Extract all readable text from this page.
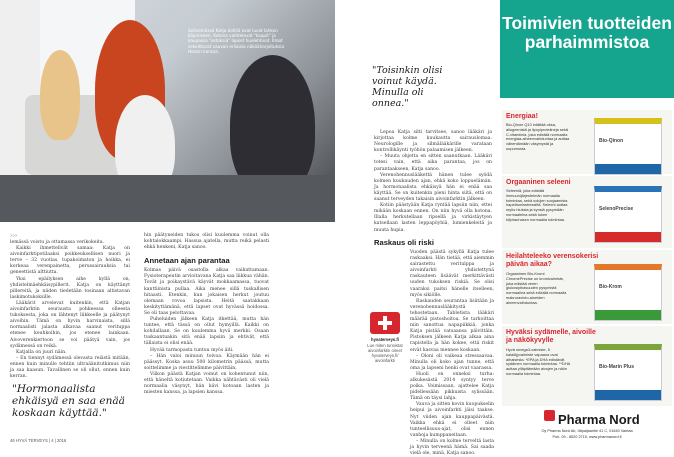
Seitsemässä Katja-äidillä ovat luvat lahkon käymiseen. Kotona vaihtelevat "kaapit" ja kaupassa "ostoksia" lapset huolehtivat. Ilmot sekoittavat vauvan erilaisia näköäharjoituksia Hessin kanssa.

>>>

lemässä voistu ja ottamassa verikokeita.

Kaikki ihmettelivät samaa: Katja on aivoinfarktipotilaaksi poikkeuksellisen nuori ja terve – 32 vuotias, tupakoimaton ja hoikka, ei korkeaa verenpainetta, perussairauksia tai geneettistä alttiutta.

Yksi epäilyksen aihe kyllä on, yhdistelmäehkäisypillerit. Katja on käyttänyt pillereitä, ja niiden tiedetään tosinaan altistavan laskimotukoksille.

Lääkärit arvelevat kuitenkin, että Katjan aivoinfarktin seurausta pohkeessa olleesta tukoksesta, joka on lähtenyt liikkeelle ja päätynyt aivoihin. Tämä on hyvin harvinaista, sillä normaalisti jalasta alkavaa saanut verituppa etenee keuhkoihin, jos etenee lainkaan. Aivoverenkiertoon se voi päätyä vain, jos sydämessä on reikä.

Katjalla on juuri näin.

– En tiennyt sydämessä olevasta reiästä mitään, ennen kuin minulle tehtiin ultraäänitutkimus niin ja saa kaasun. Tavallinen se oli ollut, ennen kuin kerran.

"Hormonaalista ehkäisyä en saa enää koskaan käyttää."

hin päätyneiden tukos olisi kuulemma voinut olla kohtalokkaampi. Hassua ajatella, mutta reikä pelasti ehkä henkeni, Katja sanoo.

Annetaan ajan parantaa

Kolmas päivä osastolla alkaa vaikuttamaan. Fysioterapeutin arvioitavana Katja saa liikkua vähän. Tovät ja poikaystävä käyvät mokkaamassa, tuovat kanttiinista pullaa. Aika menee sillä tuskallisen hitaasti. Etenkin, kun jokaisen herkut joutuu olemaan rovoa lapsista. Heitä saatakkaan keskityttämänä, että lapset ovat hyvässä hoidossa. Se oli taas pelottavaa.

Puheluiden jälkeen Katja itkettää, mutta hän tuntee, että tässä on ollut hymyillä. Kaikki on kohdallaan. Se on kuulemma hyvä merkki. Osaan tuskaantuakin sitä enää lapsiin ja ehtivät, että tällaista ei olisi enää.

Hyvää tarmopasta tuntuu myös äiti.

– Hän valoi minuun toivoa. Käymään hän ei päässyt. Koska asuu 500 kilometrin päässä, mutta soittelimme ja viestittelimme päivittäin.

Viikon päästä Katjan voinut on kohentunut niin, että häneltä kotiutetaan. Vaikka nähtävästi oli vielä normaalia väsynyt, hän kävi kotoaan lasten ja miesten kanssa, ja lapsien kanssa.

46 HYVÄ TERVEYS | 4 | 2016

"Toisinkin olisi voinut käydä. Minulla oli onnea."

Lepoa Katja silti tarvitsee, sanoo lääkäri ja kirjottaa kolme kuukautta sairauslomaa. Neurologille ja silmälääkärille varataan kontrollikäynti työhön palaamisen jälkeen.

– Muuta ohjetta en sitten saanutkaan. Lääkäri totesi vain, että aika parantaa, jos on parantaakseen, Katja sanoo.

Verenohennuslääkettä hänen tulee syödä kolmen kuukauden ajan, ehkä koko loppuelämän. Ja hormonaalista ehkäisyä hän ei enää saa käyttää. Se on kuitenkin pieni hinta siitä, että on saanut terveyden takaisin aivoinfarktin jälkeen.

Kotiin päästyään Katja ryntää lapsiin niin, ettei mikään koskaan ennen. On niin hyvä olla kotona. Illalla herkutellaan ripsellä ja virkistäytyen katsellaan lasten leppapöyhiä, lumienkeleitä ja muuta hupia.

Raskaus oli riski

Vuoden päästä sykyllä Katja tulee raskaaksi. Hän tietää, että aiemmin sairastettu veritulppa ja aivoinfarkti yhdistettynä raskauteen lisäävät merkittävästi uuden tukoksen riskiä. Se olisi vaaraksi paitsi hänelle itselleen, myös sikiölle.

Raskauden seurantaa lisätään ja verenohennuslääkitystä tehostetaan. Tabletista lääkäri määrää pistoshoitoa. Se tarkoittaa niin sanottua napapiikkiä, jonka Katja pistää vatsaansa päivittäin. Pistoksen jälkeen Katja alkaa aina rapistella ja hän kokee, että riskit eivät kasvaa mennee koskaan.

– Oloni oli vaikeaa stressaavaa. Minulla oli koko ajan tunne, että oma ja lapseni henki ovat vaarassa.

Huoli on onneksi turha: alkukesästä 2014 syntyy terve poika. Voimissaan, ajattelee Katja pidellessään pikkuista sylissään. Tämä on täysi lahja.

Vauva ja sitten kovin kuopukselin heipui ja aivoinfarkti jäisi taakse. Nyt viiden ajan kauppapäivästä. Vaikka ehkä ei olleet niin tunteellisuus-ajat, olisi ennen vanhoja kumppaneitaan.

– Minulla on kolme terveltä lasta ja hyvin terveenä hämä. Sai saada vielä ole, minä, Katja sanoo.

hyvaterveys.fi
Lue miten tunnistat aivoinfarktin oireet hyvaterveys.fi/ aivoinfarkti
Toimivien tuotteiden parhaimmistoa
Energiaa!
Bio-Qinon Q10 intättää oksa, allogeenistä ja lipoylproteiineja sekä C-vitamiinia, joka edistää normaalia energiaa-aineenvaihduntaa ja auttaa vähentämään väsymystä ja uupumusta.
Bio-Qinon
Orgaaninen seleeni
Seleeniä, joka edistää immuunijärjestelmän normaalia toimintaa, sekä solujen suojaamista hapettumisstressiltä. Seleeni auttaa myös hiuksia ja kynsiä pysymään normaaleina sekä tukee kilpirauhasen normaalia toimintaa.
SelenoPrecise
Heilahteleeko verensokerisi päivän aikaa?
Orgaaninen Bio-Kromi ChromePrecise on kromivalmiste, joka edistää veren glukosipitoisuuden pysymistä normaalina sekä edistää normaalia makroravinto-aineiden aineenvaihduntaa.
Bio-Krom
Hyväksi sydämelle, aivoille ja näkökyvylle
Hyvä omega3-valmiste, 5 kalaöljyvalmiste vapaana ovat alhaisesta. *EPA ja DHA edistävät sydämen normaalia toimintaa. **DHA auttaa ylläpitämään aivojen ja näön normaalia toimintaa.
Bio-Marin Plus
Pharma Nord
Oy Pharma Nord Ab, Itäpaljaantie 41 C, 01640 Vantaa
Puh. 09 - 8520 2715, www.pharmanord.fi
